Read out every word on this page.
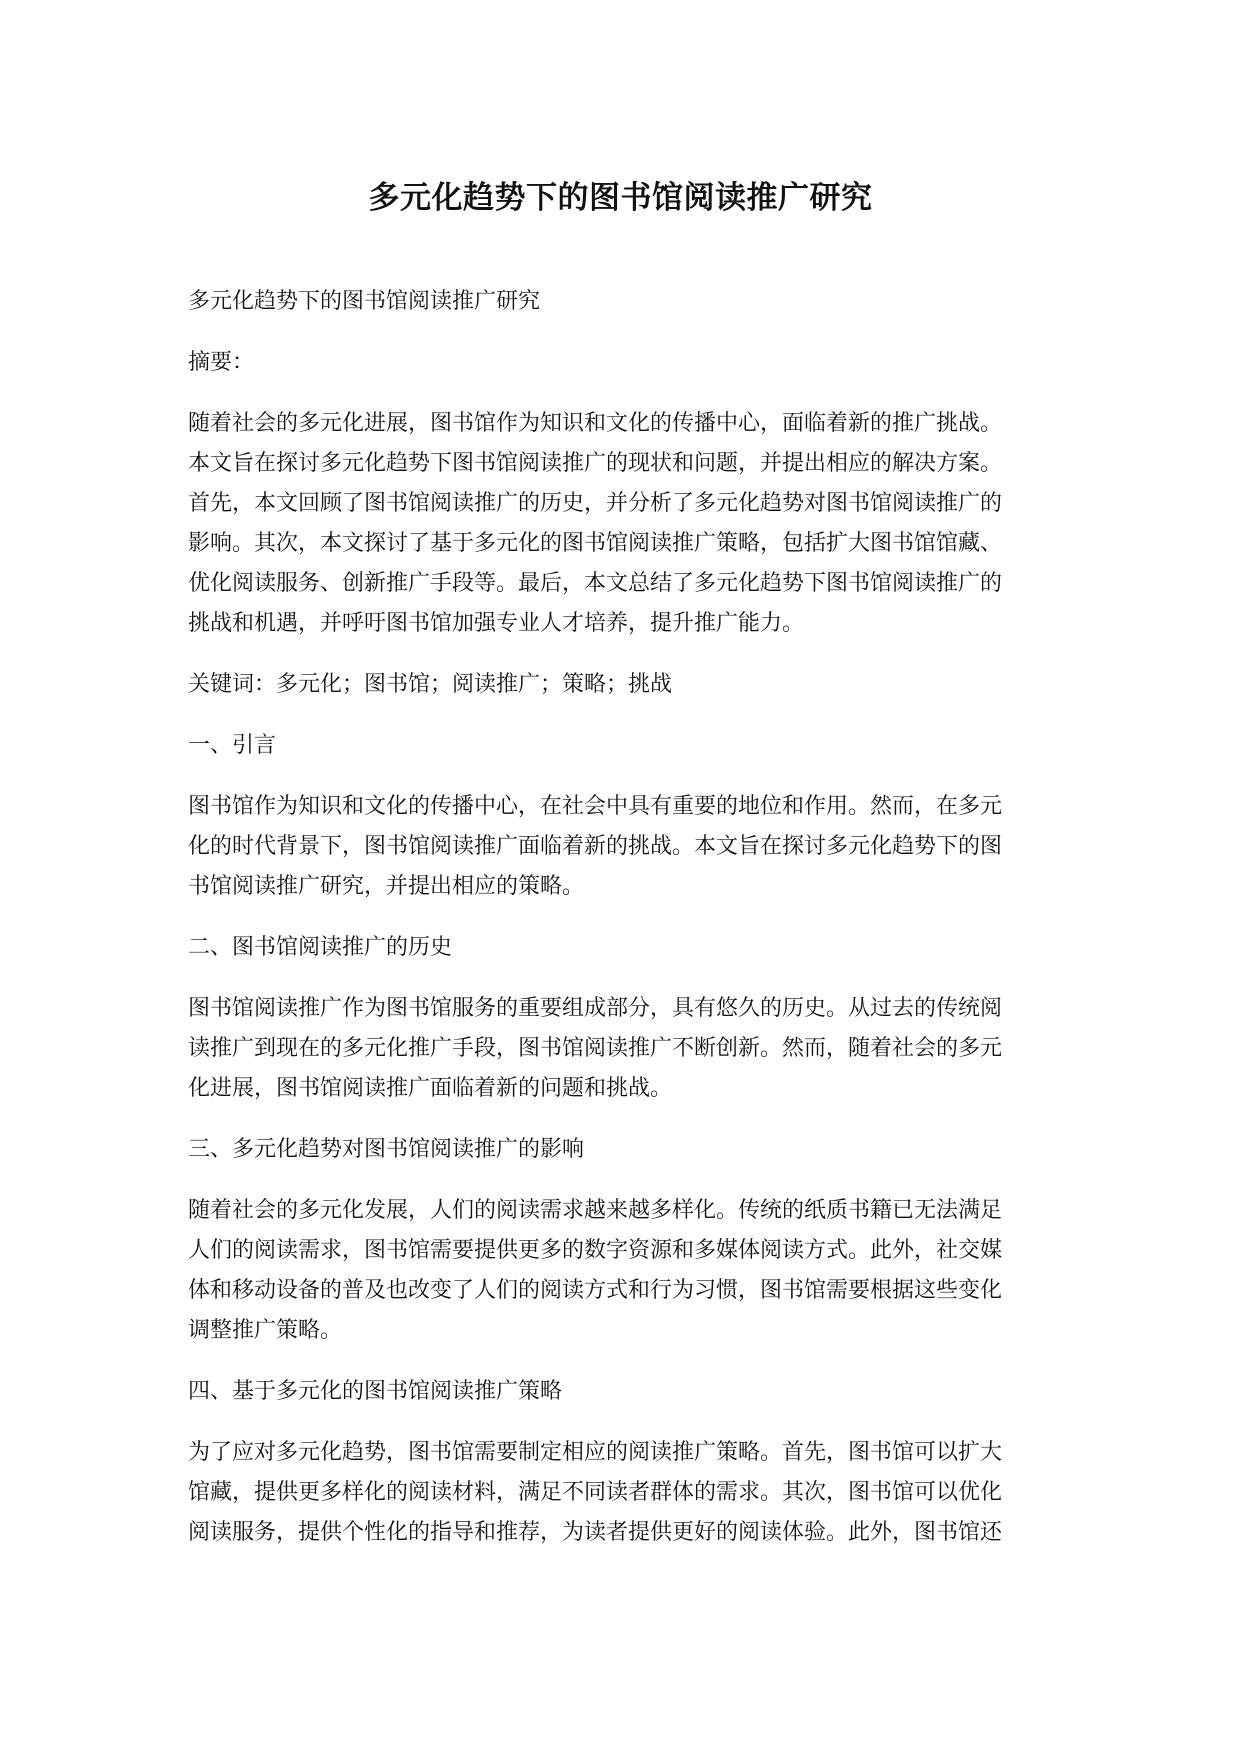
多元化趋势下的图书馆阅读推广研究

多元化趋势下的图书馆阅读推广研究

摘要：

随着社会的多元化进展，图书馆作为知识和文化的传播中心，面临着新的推广挑战。
本文旨在探讨多元化趋势下图书馆阅读推广的现状和问题，并提出相应的解决方案。
首先，本文回顾了图书馆阅读推广的历史，并分析了多元化趋势对图书馆阅读推广的
影响。其次，本文探讨了基于多元化的图书馆阅读推广策略，包括扩大图书馆馆藏、
优化阅读服务、创新推广手段等。最后，本文总结了多元化趋势下图书馆阅读推广的
挑战和机遇，并呼吁图书馆加强专业人才培养，提升推广能力。

关键词：多元化；图书馆；阅读推广；策略；挑战

一、引言

图书馆作为知识和文化的传播中心，在社会中具有重要的地位和作用。然而，在多元
化的时代背景下，图书馆阅读推广面临着新的挑战。本文旨在探讨多元化趋势下的图
书馆阅读推广研究，并提出相应的策略。

二、图书馆阅读推广的历史

图书馆阅读推广作为图书馆服务的重要组成部分，具有悠久的历史。从过去的传统阅
读推广到现在的多元化推广手段，图书馆阅读推广不断创新。然而，随着社会的多元
化进展，图书馆阅读推广面临着新的问题和挑战。

三、多元化趋势对图书馆阅读推广的影响

随着社会的多元化发展，人们的阅读需求越来越多样化。传统的纸质书籍已无法满足
人们的阅读需求，图书馆需要提供更多的数字资源和多媒体阅读方式。此外，社交媒
体和移动设备的普及也改变了人们的阅读方式和行为习惯，图书馆需要根据这些变化
调整推广策略。

四、基于多元化的图书馆阅读推广策略

为了应对多元化趋势，图书馆需要制定相应的阅读推广策略。首先，图书馆可以扩大
馆藏，提供更多样化的阅读材料，满足不同读者群体的需求。其次，图书馆可以优化
阅读服务，提供个性化的指导和推荐，为读者提供更好的阅读体验。此外，图书馆还
